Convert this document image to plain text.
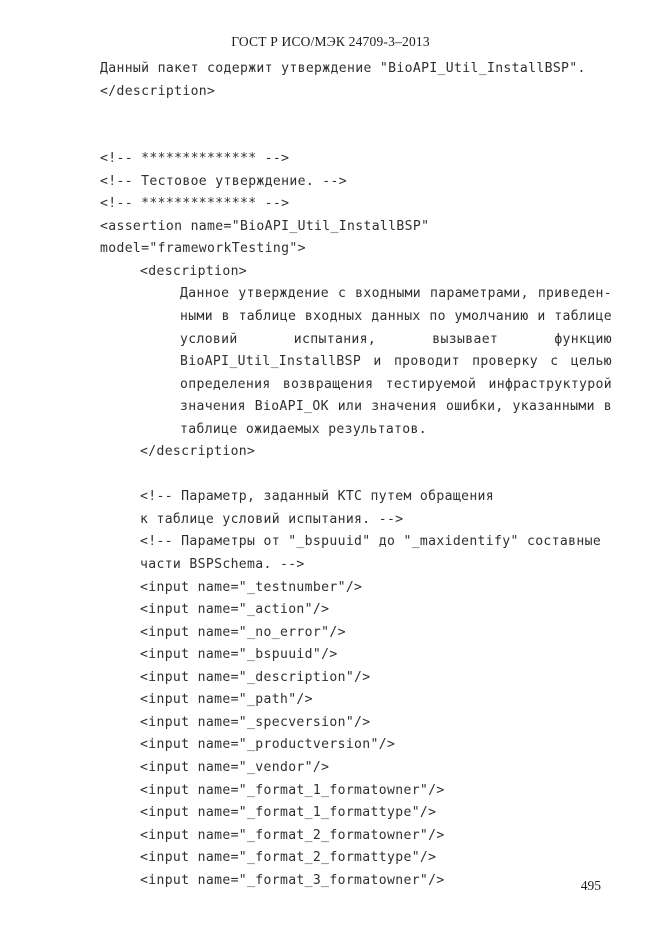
ГОСТ Р ИСО/МЭК 24709-3–2013
Данный пакет содержит утверждение "BioAPI_Util_InstallBSP".
</description>

<!-- ************** -->
<!-- Тестовое утверждение. -->
<!-- ************** -->
<assertion name="BioAPI_Util_InstallBSP"
model="frameworkTesting">
<description>
Данное утверждение с входными параметрами, приведен-
ными в таблице входных данных по умолчанию и таблице
условий	испытания,	вызывает	функцию
BioAPI_Util_InstallBSP и проводит проверку с целью
определения возвращения тестируемой инфраструктурой
значения BioAPI_OK или значения ошибки, указанными в
таблице ожидаемых результатов.
</description>

<!-- Параметр, заданный КТС путем обращения
к таблице условий испытания. -->
<!-- Параметры от "_bspuuid" до "_maxidentify" составные
части BSPSchema. -->
<input name="_testnumber"/>
<input name="_action"/>
<input name="_no_error"/>
<input name="_bspuuid"/>
<input name="_description"/>
<input name="_path"/>
<input name="_specversion"/>
<input name="_productversion"/>
<input name="_vendor"/>
<input name="_format_1_formatowner"/>
<input name="_format_1_formattype"/>
<input name="_format_2_formatowner"/>
<input name="_format_2_formattype"/>
<input name="_format_3_formatowner"/>	495
